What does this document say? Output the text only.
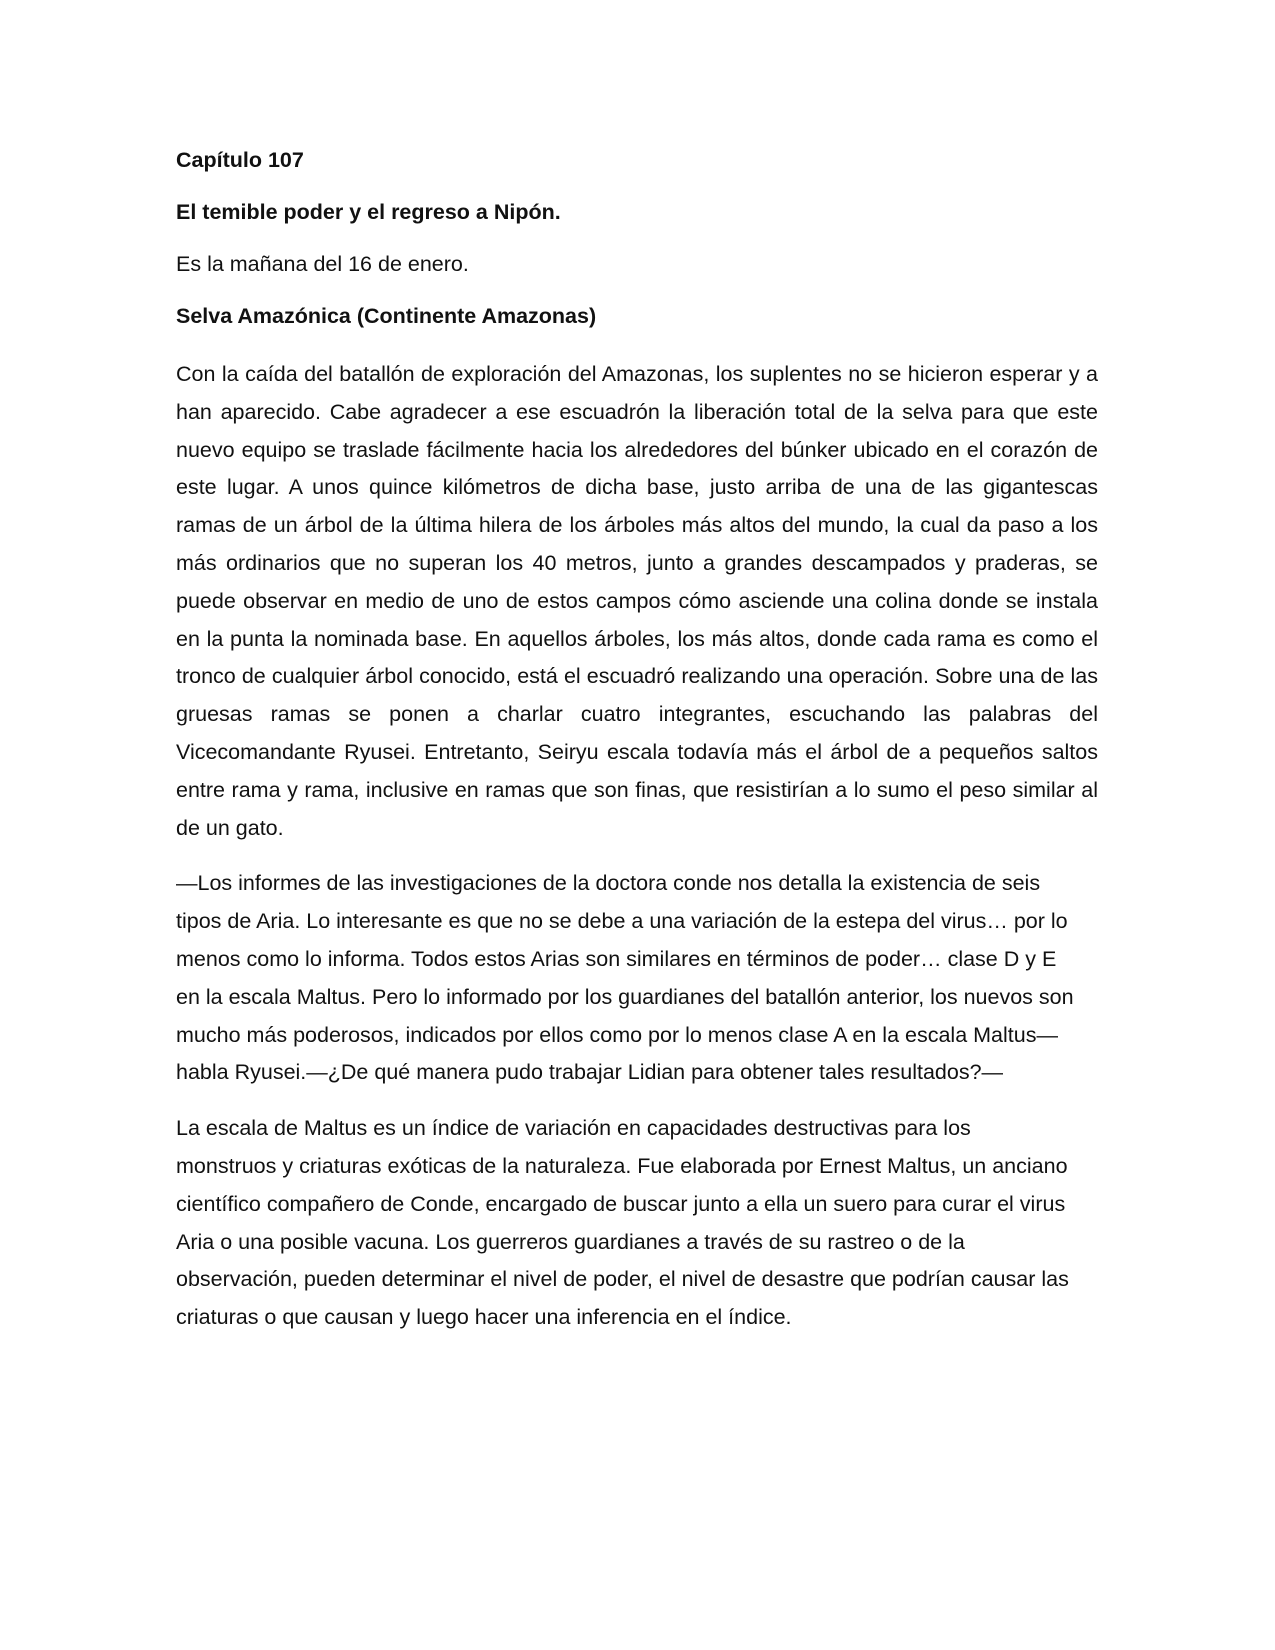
Capítulo 107

El temible poder y el regreso a Nipón.

Es la mañana del 16 de enero.

Selva Amazónica (Continente Amazonas)

Con la caída del batallón de exploración del Amazonas, los suplentes no se hicieron esperar y a han aparecido. Cabe agradecer a ese escuadrón la liberación total de la selva para que este nuevo equipo se traslade fácilmente hacia los alrededores del búnker ubicado en el corazón de este lugar. A unos quince kilómetros de dicha base, justo arriba de una de las gigantescas ramas de un árbol de la última hilera de los árboles más altos del mundo, la cual da paso a los más ordinarios que no superan los 40 metros, junto a grandes descampados y praderas, se puede observar en medio de uno de estos campos cómo asciende una colina donde se instala en la punta la nominada base. En aquellos árboles, los más altos, donde cada rama es como el tronco de cualquier árbol conocido, está el escuadró realizando una operación. Sobre una de las gruesas ramas se ponen a charlar cuatro integrantes, escuchando las palabras del Vicecomandante Ryusei. Entretanto, Seiryu escala todavía más el árbol de a pequeños saltos entre rama y rama, inclusive en ramas que son finas, que resistirían a lo sumo el peso similar al de un gato.

—Los informes de las investigaciones de la doctora conde nos detalla la existencia de seis tipos de Aria. Lo interesante es que no se debe a una variación de la estepa del virus… por lo menos como lo informa. Todos estos Arias son similares en términos de poder… clase D y E en la escala Maltus. Pero lo informado por los guardianes del batallón anterior, los nuevos son mucho más poderosos, indicados por ellos como por lo menos clase A en la escala Maltus—habla Ryusei.—¿De qué manera pudo trabajar Lidian para obtener tales resultados?—

La escala de Maltus es un índice de variación en capacidades destructivas para los monstruos y criaturas exóticas de la naturaleza. Fue elaborada por Ernest Maltus, un anciano científico compañero de Conde, encargado de buscar junto a ella un suero para curar el virus Aria o una posible vacuna. Los guerreros guardianes a través de su rastreo o de la observación, pueden determinar el nivel de poder, el nivel de desastre que podrían causar las criaturas o que causan y luego hacer una inferencia en el índice.
